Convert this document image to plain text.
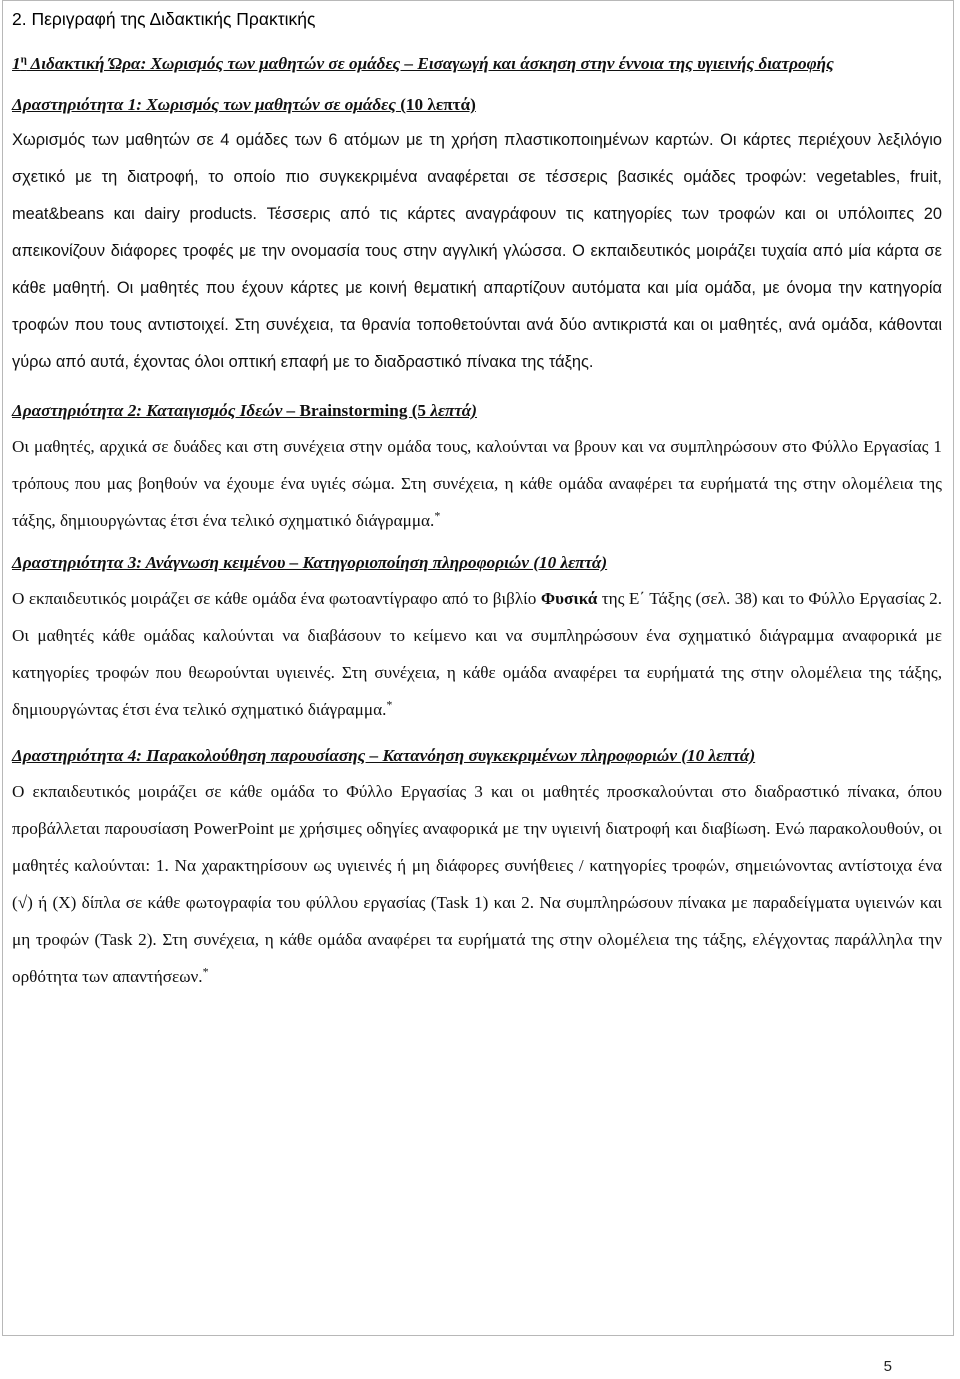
2. Περιγραφή της Διδακτικής Πρακτικής
$1^\eta$ Διδακτική Ώρα: Χωρισμός των μαθητών σε ομάδες – Εισαγωγή και άσκηση στην έννοια της υγιεινής διατροφής
Δραστηριότητα 1: Χωρισμός των μαθητών σε ομάδες (10 λεπτά)

Χωρισμός των μαθητών σε 4 ομάδες των 6 ατόμων με τη χρήση πλαστικοποιημένων καρτών. Οι κάρτες περιέχουν λεξιλόγιο σχετικό με τη διατροφή, το οποίο πιο συγκεκριμένα αναφέρεται σε τέσσερις βασικές ομάδες τροφών: vegetables, fruit, meat&beans και dairy products. Τέσσερις από τις κάρτες αναγράφουν τις κατηγορίες των τροφών και οι υπόλοιπες 20 απεικονίζουν διάφορες τροφές με την ονομασία τους στην αγγλική γλώσσα. Ο εκπαιδευτικός μοιράζει τυχαία από μία κάρτα σε κάθε μαθητή. Οι μαθητές που έχουν κάρτες με κοινή θεματική απαρτίζουν αυτόματα και μία ομάδα, με όνομα την κατηγορία τροφών που τους αντιστοιχεί. Στη συνέχεια, τα θρανία τοποθετούνται ανά δύο αντικριστά και οι μαθητές, ανά ομάδα, κάθονται γύρω από αυτά, έχοντας όλοι οπτική επαφή με το διαδραστικό πίνακα της τάξης.

Δραστηριότητα 2: Καταιγισμός Ιδεών – Brainstorming (5 λεπτά)

Οι μαθητές, αρχικά σε δυάδες και στη συνέχεια στην ομάδα τους, καλούνται να βρουν και να συμπληρώσουν στο Φύλλο Εργασίας 1 τρόπους που μας βοηθούν να έχουμε ένα υγιές σώμα. Στη συνέχεια, η κάθε ομάδα αναφέρει τα ευρήματά της στην ολομέλεια της τάξης, δημιουργώντας έτσι ένα τελικό σχηματικό διάγραμμα.*

Δραστηριότητα 3: Ανάγνωση κειμένου – Κατηγοριοποίηση πληροφοριών (10 λεπτά)

Ο εκπαιδευτικός μοιράζει σε κάθε ομάδα ένα φωτοαντίγραφο από το βιβλίο Φυσικά της Ε΄ Τάξης (σελ. 38) και το Φύλλο Εργασίας 2. Οι μαθητές κάθε ομάδας καλούνται να διαβάσουν το κείμενο και να συμπληρώσουν ένα σχηματικό διάγραμμα αναφορικά με κατηγορίες τροφών που θεωρούνται υγιεινές. Στη συνέχεια, η κάθε ομάδα αναφέρει τα ευρήματά της στην ολομέλεια της τάξης, δημιουργώντας έτσι ένα τελικό σχηματικό διάγραμμα.*

Δραστηριότητα 4: Παρακολούθηση παρουσίασης – Κατανόηση συγκεκριμένων πληροφοριών (10 λεπτά)

Ο εκπαιδευτικός μοιράζει σε κάθε ομάδα το Φύλλο Εργασίας 3 και οι μαθητές προσκαλούνται στο διαδραστικό πίνακα, όπου προβάλλεται παρουσίαση PowerPoint με χρήσιμες οδηγίες αναφορικά με την υγιεινή διατροφή και διαβίωση. Ενώ παρακολουθούν, οι μαθητές καλούνται: 1. Να χαρακτηρίσουν ως υγιεινές ή μη διάφορες συνήθειες / κατηγορίες τροφών, σημειώνοντας αντίστοιχα ένα (√) ή (Χ) δίπλα σε κάθε φωτογραφία του φύλλου εργασίας (Task 1) και 2. Να συμπληρώσουν πίνακα με παραδείγματα υγιεινών και μη τροφών (Task 2). Στη συνέχεια, η κάθε ομάδα αναφέρει τα ευρήματά της στην ολομέλεια της τάξης, ελέγχοντας παράλληλα την ορθότητα των απαντήσεων.*

5
